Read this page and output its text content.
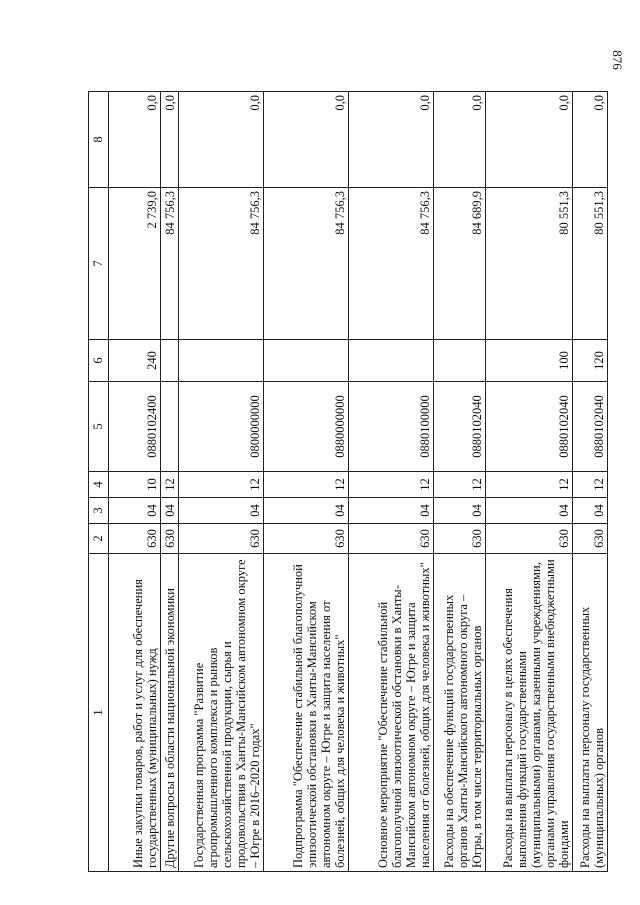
876
1	2	3	4	5	6	7	8
Иные закупки товаров, работ и услуг для обеспечения государственных (муниципальных) нужд	630	04	10	0880102400	240	2 739,0	0,0
Другие вопросы в области национальной экономики	630	04	12			84 756,3	0,0
Государственная программа "Развитие агропромышленного комплекса и рынков сельскохозяйственной продукции, сырья и продовольствия в Ханты-Мансийском автономном округе – Югре в 2016–2020 годах"	630	04	12	0800000000		84 756,3	0,0
Подпрограмма "Обеспечение стабильной благополучной эпизоотической обстановки в Ханты-Мансийском автономном округе – Югре и защита населения от болезней, общих для человека и животных"	630	04	12	0880000000		84 756,3	0,0
Основное мероприятие "Обеспечение стабильной благополучной эпизоотической обстановки в Ханты-Мансийском автономном округе – Югре и защита населения от болезней, общих для человека и животных"	630	04	12	0880100000		84 756,3	0,0
Расходы на обеспечение функций государственных органов Ханты-Мансийского автономного округа – Югры, в том числе территориальных органов	630	04	12	0880102040		84 689,9	0,0
Расходы на выплаты персоналу в целях обеспечения выполнения функций государственными (муниципальными) органами, казенными учреждениями, органами управления государственными внебюджетными фондами	630	04	12	0880102040	100	80 551,3	0,0
Расходы на выплаты персоналу государственных (муниципальных) органов	630	04	12	0880102040	120	80 551,3	0,0
